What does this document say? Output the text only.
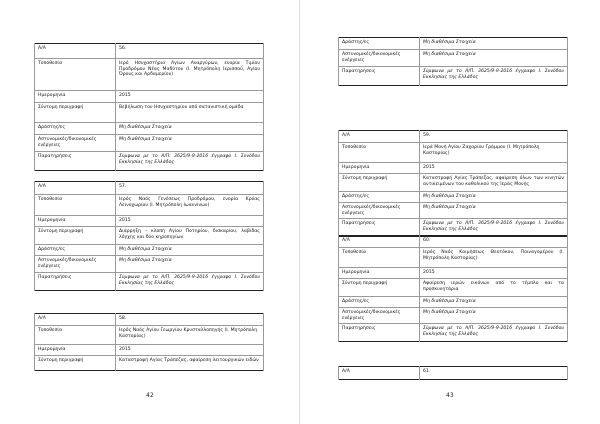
Α/Α	56.
Τοποθεσία	Ιερό Ησυχαστήριο Αγίων Αναργύρων, ενορία Τιμίου Προδρόμου Νέας Μαδύτου (Ι. Μητρόπολη Ιερισσού, Αγίου Όρους και Αρδαμερίου)
Ημερομηνία	2015
Σύντομη περιγραφή	Βεβήλωση του Ησυχαστηρίου από σατανιστική ομάδα
Δράστης/ες	Μη διαθέσιμα Στοιχεία
Αστυνομικές/δικονομικές ενέργειες	Μη διαθέσιμα Στοιχεία
Παρατηρήσεις	Σύμφωνα με το Α/Π. 3625/9-9-2016 έγγραφο Ι. Συνόδου Εκκλησίας της Ελλάδος
Α/Α	57.
Τοποθεσία	Ιερός Ναός Γενέσεως Προδρόμου, ενορία Κρύας Λεινοχωρίου (Ι. Μητρόπολη Ιωαννίνων)
Ημερομηνία	2015
Σύντομη περιγραφή	Διάρρηξη – κλοπή Αγίου Ποτηρίου, δισκαρίου, λαβίδας λόγχης και δύο κηροπηγίων
Δράστης/ες	Μη διαθέσιμα Στοιχεία
Αστυνομικές/δικονομικές ενέργειες	Μη διαθέσιμα Στοιχεία
Παρατηρήσεις	Σύμφωνα με το Α/Π. 3625/9-9-2016 έγγραφο Ι. Συνόδου Εκκλησίας της Ελλάδος
Α/Α	58.
Τοποθεσία	Ιερός Ναός Αγίου Γεωργίου Κρυσταλλοπηγής (Ι. Μητρόπολη Καστορίας)
Ημερομηνία	2015
Σύντομη περιγραφή	Καταστροφή Αγίας Τράπεζας, αφαίρεση λειτουργικών ειδών
42
Δράστης/ες	Μη διαθέσιμα Στοιχεία
Αστυνομικές/δικονομικές ενέργειες	Μη διαθέσιμα Στοιχεία
Παρατηρήσεις	Σύμφωνα με το Α/Π. 3625/9-9-2016 έγγραφο Ι. Συνόδου Εκκλησίας της Ελλάδος
Α/Α	59.
Τοποθεσία	Ιερά Μονή Αγίου Ζαχαρίου Γράμμου (Ι. Μητρόπολη Καστορίας)
Ημερομηνία	2015
Σύντομη περιγραφή	Καταστροφή Αγίας Τράπεζας, αφαίρεση όλων των κινητών αντικειμένων του καθολικού της Ιεράς Μονής
Δράστης/ες	Μη διαθέσιμα Στοιχεία
Αστυνομικές/δικονομικές ενέργειες	Μη διαθέσιμα Στοιχεία
Παρατηρήσεις	Σύμφωνα με το Α/Π. 3625/9-9-2016 έγγραφο Ι. Συνόδου Εκκλησίας της Ελλάδος
Α/Α	60.
Τοποθεσία	Ιερός Ναός Κοιμήσεως Θεοτόκου, Ποιναγομέρου (Ι. Μητρόπολη Καστορίας)
Ημερομηνία	2015
Σύντομη περιγραφή	Αφαίρεση ιερών εικόνων από το τέμπλο και τα προσκυνητάρια
Δράστης/ες	Μη διαθέσιμα Στοιχεία
Αστυνομικές/δικονομικές ενέργειες	Μη διαθέσιμα Στοιχεία
Παρατηρήσεις	Σύμφωνα με το Α/Π. 3625/9-9-2016 έγγραφο Ι. Συνόδου Εκκλησίας της Ελλάδος
Α/Α	61.
43
